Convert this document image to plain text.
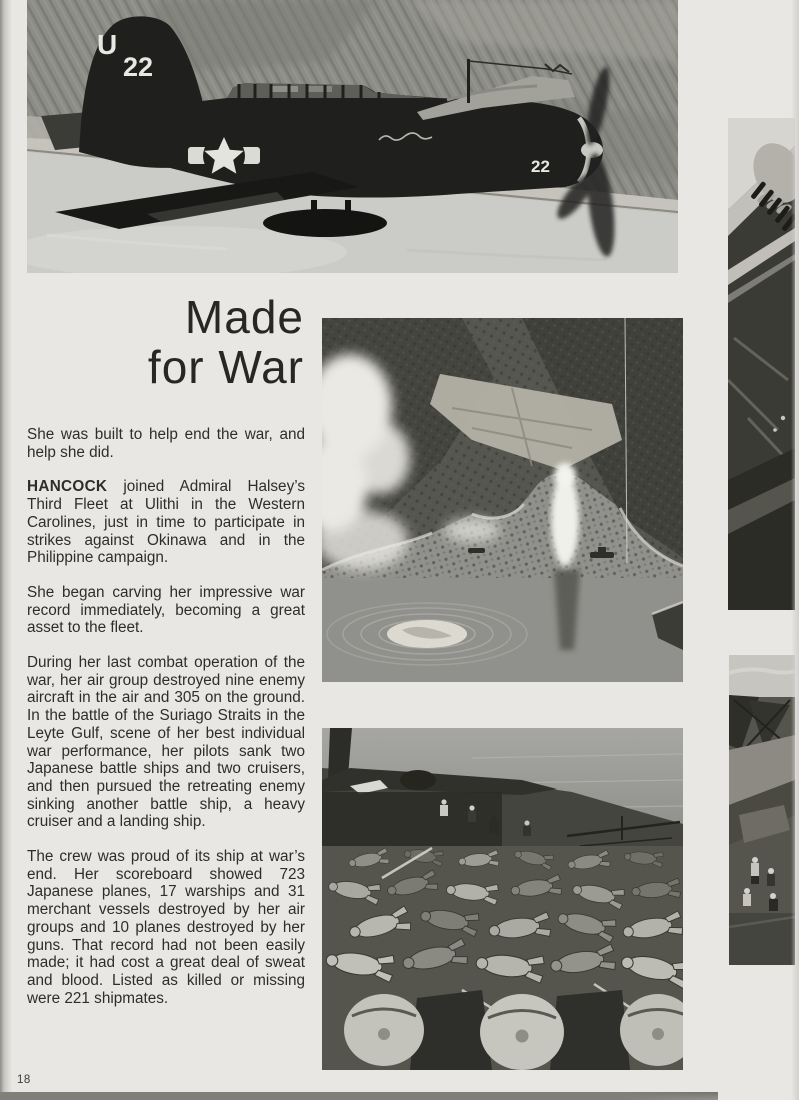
U
22
22
Made
for War

She was built to help end the war, and help she did.

HANCOCK joined Admiral Halsey’s Third Fleet at Ulithi in the Western Carolines, just in time to participate in strikes against Okinawa and in the Philippine campaign.

She began carving her impressive war record immediately, becoming a great asset to the fleet.

During her last combat operation of the war, her air group destroyed nine enemy aircraft in the air and 305 on the ground. In the battle of the Suriago Straits in the Leyte Gulf, scene of her best individual war performance, her pilots sank two Japanese battle ships and two cruisers, and then pursued the retreating enemy sinking another battle ship, a heavy cruiser and a landing ship.

The crew was proud of its ship at war’s end. Her scoreboard showed 723 Japanese planes, 17 warships and 31 merchant vessels destroyed by her air groups and 10 planes destroyed by her guns. That record had not been easily made; it had cost a great deal of sweat and blood. Listed as killed or missing were 221 shipmates.

18
